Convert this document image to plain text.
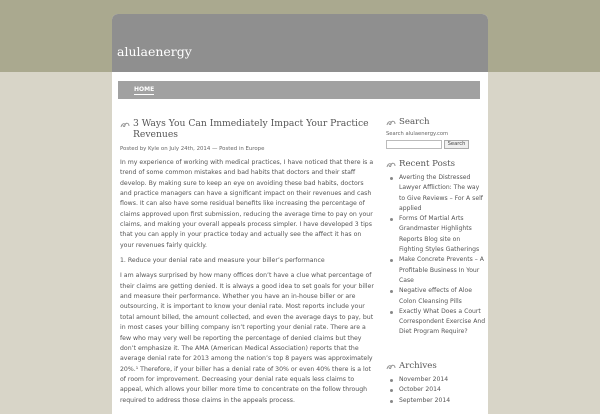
alulaenergy
HOME
3 Ways You Can Immediately Impact Your Practice Revenues
Posted by Kyle on July 24th, 2014 — Posted in Europe

In my experience of working with medical practices, I have noticed that there is a trend of some common mistakes and bad habits that doctors and their staff develop. By making sure to keep an eye on avoiding these bad habits, doctors and practice managers can have a significant impact on their revenues and cash flows. It can also have some residual benefits like increasing the percentage of claims approved upon first submission, reducing the average time to pay on your claims, and making your overall appeals process simpler. I have developed 3 tips that you can apply in your practice today and actually see the affect it has on your revenues fairly quickly.

1. Reduce your denial rate and measure your biller’s performance

I am always surprised by how many offices don’t have a clue what percentage of their claims are getting denied. It is always a good idea to set goals for your biller and measure their performance. Whether you have an in-house biller or are outsourcing, it is important to know your denial rate. Most reports include your total amount billed, the amount collected, and even the average days to pay, but in most cases your billing company isn’t reporting your denial rate. There are a few who may very well be reporting the percentage of denied claims but they don’t emphasize it. The AMA (American Medical Association) reports that the average denial rate for 2013 among the nation’s top 8 payers was approximately 20%.¹ Therefore, if your biller has a denial rate of 30% or even 40% there is a lot of room for improvement. Decreasing your denial rate equals less claims to appeal, which allows your biller more time to concentrate on the follow through required to address those claims in the appeals process.

Search
Search alulaenergy.com
Search
Recent Posts
Averting the Distressed Lawyer Affliction: The way to Give Reviews – For A self applied
Forms Of Martial Arts Grandmaster Highlights Reports Blog site on Fighting Styles Gatherings
Make Concrete Prevents – A Profitable Business In Your Case
Negative effects of Aloe Colon Cleansing Pills
Exactly What Does a Court Correspondent Exercise And Diet Program Require?
Archives
November 2014
October 2014
September 2014
